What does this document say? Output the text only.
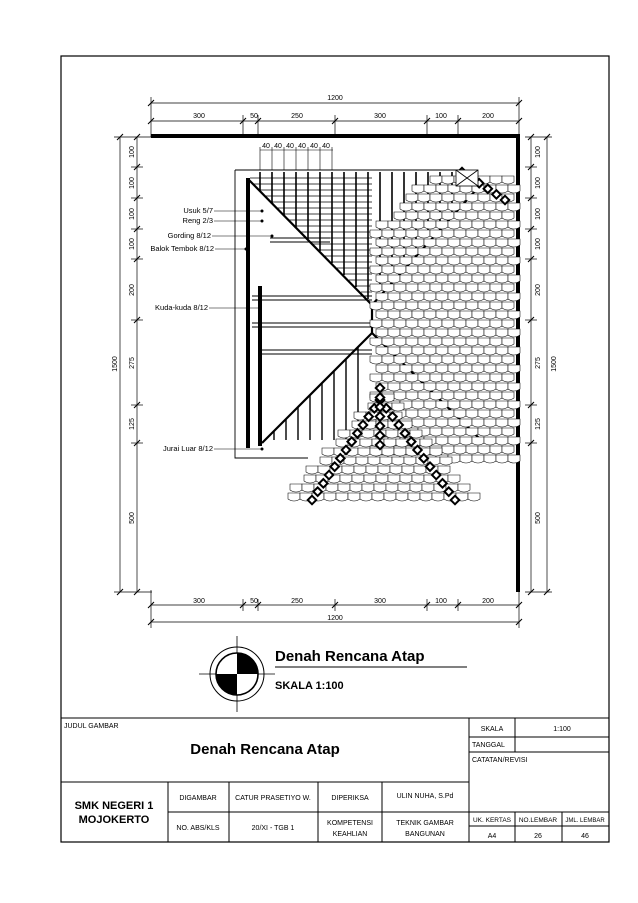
1200
300	50	250	300	100	200
300	50	250	300	100	200
1200
40 40 40 40 40 40
100
100
100
100
200
275
125
500
1500
100
100
100
100
200
275
125
500
1500
Usuk 5/7
Reng 2/3
Gording 8/12
Balok Tembok 8/12
Kuda-kuda 8/12
Jurai Luar 8/12
Denah Rencana Atap
SKALA 1:100
JUDUL GAMBAR
Denah Rencana Atap
SKALA	1:100
TANGGAL
CATATAN/REVISI
SMK NEGERI 1
MOJOKERTO
DIGAMBAR	CATUR PRASETIYO W.	DIPERIKSA	ULIN NUHA, S.Pd
NO. ABS/KLS	20/XI - TGB 1
KOMPETENSI
KEAHLIAN
TEKNIK GAMBAR
BANGUNAN
UK. KERTAS NO.LEMBAR JML. LEMBAR
A4	26	46
